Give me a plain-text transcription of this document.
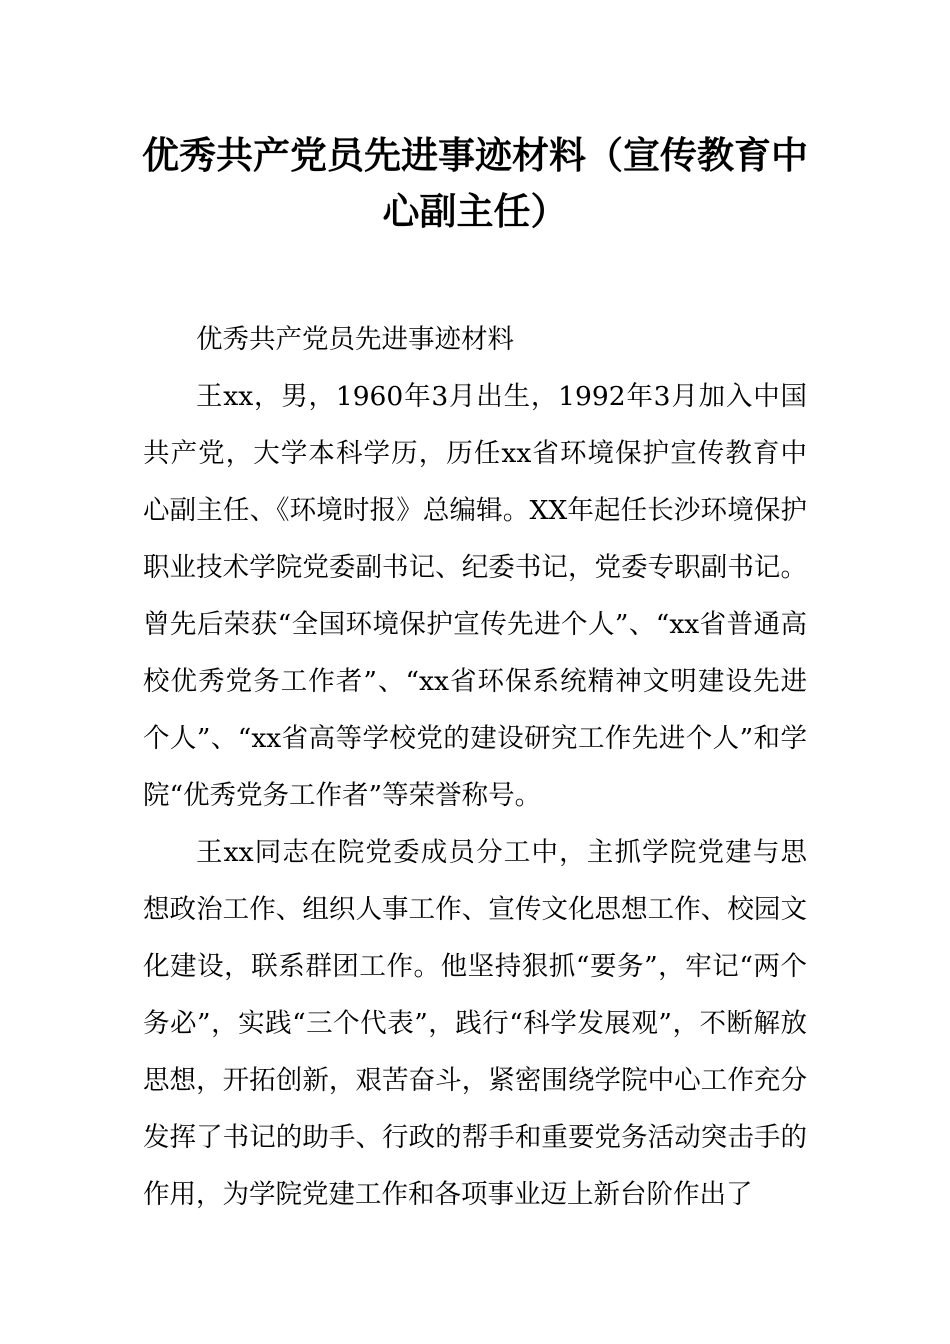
优秀共产党员先进事迹材料（宣传教育中心副主任）

优秀共产党员先进事迹材料

王xx，男，1960年3月出生，1992年3月加入中国共产党，大学本科学历，历任xx省环境保护宣传教育中心副主任、《环境时报》总编辑。XX年起任长沙环境保护职业技术学院党委副书记、纪委书记，党委专职副书记。曾先后荣获“全国环境保护宣传先进个人”、“xx省普通高校优秀党务工作者”、“xx省环保系统精神文明建设先进个人”、“xx省高等学校党的建设研究工作先进个人”和学院“优秀党务工作者”等荣誉称号。

王xx同志在院党委成员分工中，主抓学院党建与思想政治工作、组织人事工作、宣传文化思想工作、校园文化建设，联系群团工作。他坚持狠抓“要务”，牢记“两个务必”，实践“三个代表”，践行“科学发展观”，不断解放思想，开拓创新，艰苦奋斗，紧密围绕学院中心工作充分发挥了书记的助手、行政的帮手和重要党务活动突击手的作用，为学院党建工作和各项事业迈上新台阶作出了
